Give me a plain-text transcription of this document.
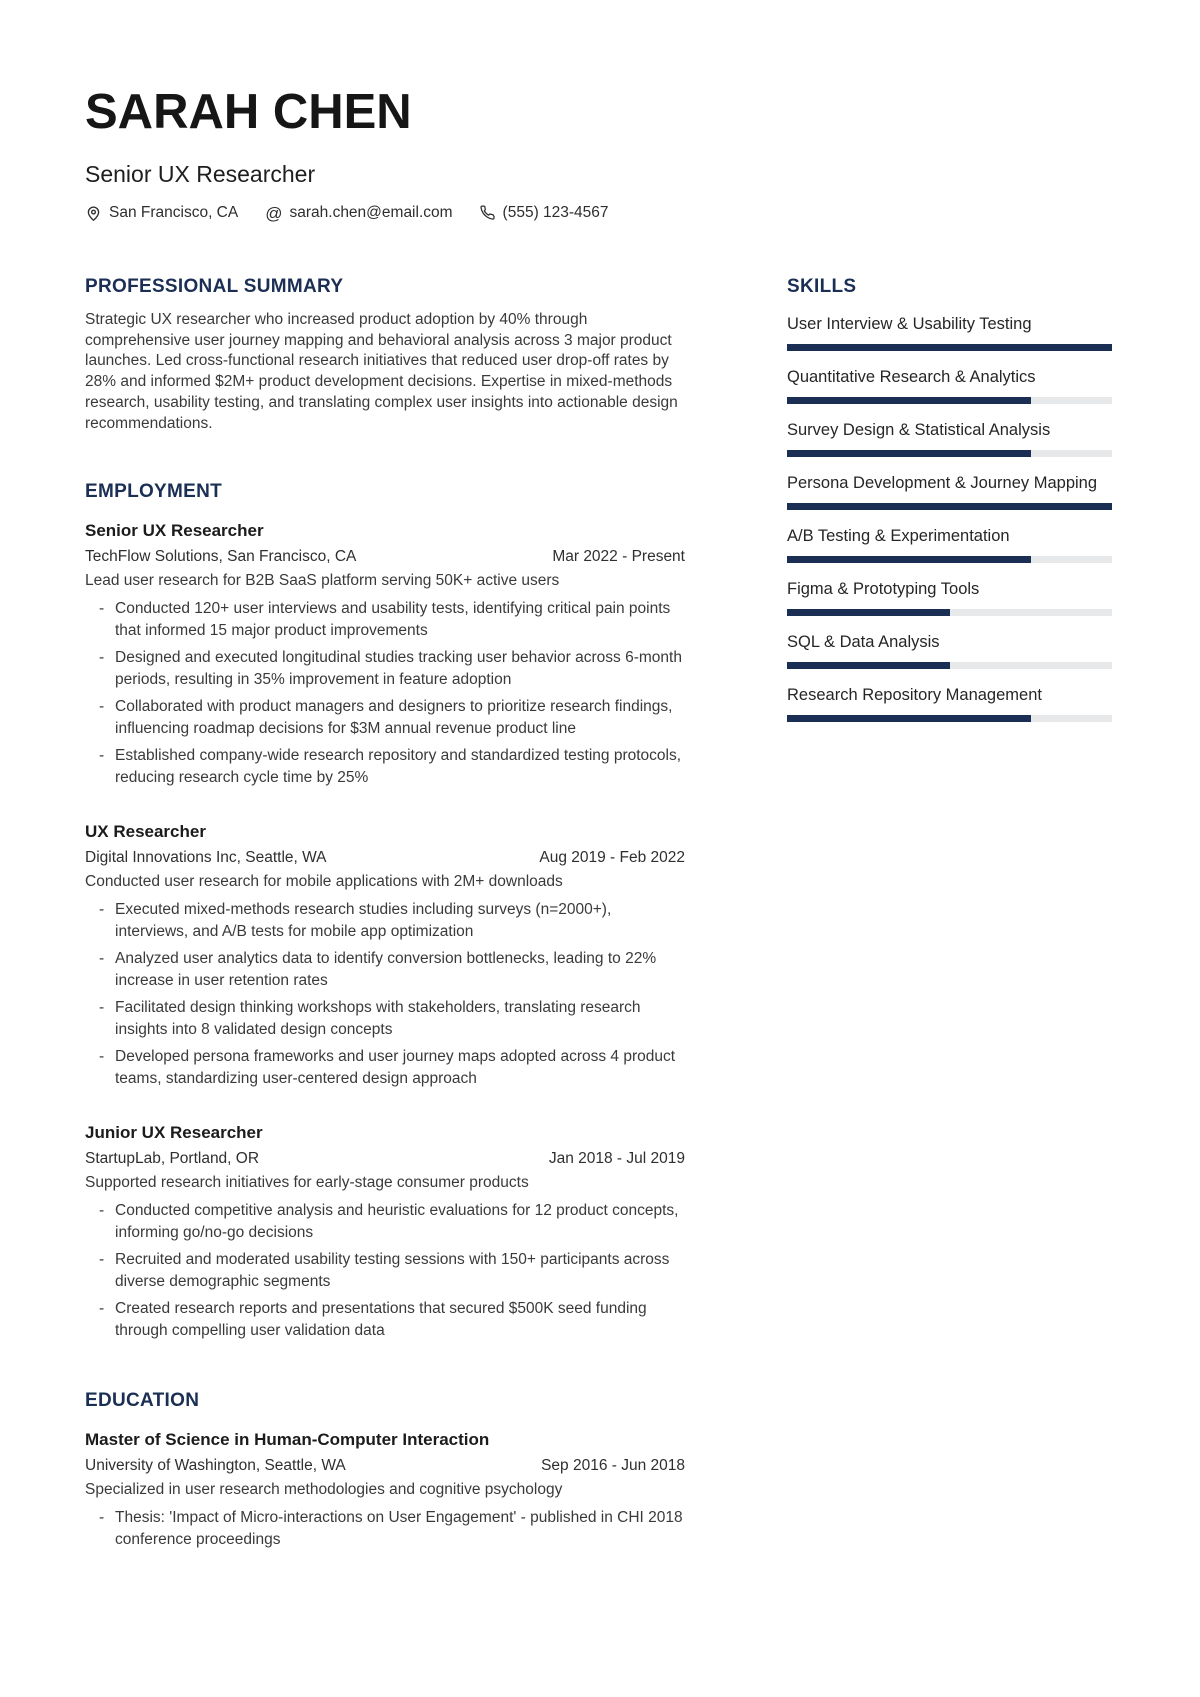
SARAH CHEN
Senior UX Researcher
San Francisco, CA @ sarah.chen@email.com	(555) 123-4567
PROFESSIONAL SUMMARY
Strategic UX researcher who increased product adoption by 40% through comprehensive user journey mapping and behavioral analysis across 3 major product launches. Led cross-functional research initiatives that reduced user drop-off rates by 28% and informed $2M+ product development decisions. Expertise in mixed-methods research, usability testing, and translating complex user insights into actionable design recommendations.
EMPLOYMENT
Senior UX Researcher
TechFlow Solutions, San Francisco, CA	Mar 2022 - Present
Lead user research for B2B SaaS platform serving 50K+ active users
- Conducted 120+ user interviews and usability tests, identifying critical pain points that informed 15 major product improvements
- Designed and executed longitudinal studies tracking user behavior across 6-month periods, resulting in 35% improvement in feature adoption
- Collaborated with product managers and designers to prioritize research findings, influencing roadmap decisions for $3M annual revenue product line
- Established company-wide research repository and standardized testing protocols, reducing research cycle time by 25%
UX Researcher
Digital Innovations Inc, Seattle, WA	Aug 2019 - Feb 2022
Conducted user research for mobile applications with 2M+ downloads
- Executed mixed-methods research studies including surveys (n=2000+), interviews, and A/B tests for mobile app optimization
- Analyzed user analytics data to identify conversion bottlenecks, leading to 22% increase in user retention rates
- Facilitated design thinking workshops with stakeholders, translating research insights into 8 validated design concepts
- Developed persona frameworks and user journey maps adopted across 4 product teams, standardizing user-centered design approach
Junior UX Researcher
StartupLab, Portland, OR	Jan 2018 - Jul 2019
Supported research initiatives for early-stage consumer products
- Conducted competitive analysis and heuristic evaluations for 12 product concepts, informing go/no-go decisions
- Recruited and moderated usability testing sessions with 150+ participants across diverse demographic segments
- Created research reports and presentations that secured $500K seed funding through compelling user validation data
EDUCATION
Master of Science in Human-Computer Interaction
University of Washington, Seattle, WA	Sep 2016 - Jun 2018
Specialized in user research methodologies and cognitive psychology
- Thesis: 'Impact of Micro-interactions on User Engagement' - published in CHI 2018 conference proceedings
SKILLS
User Interview & Usability Testing
Quantitative Research & Analytics
Survey Design & Statistical Analysis
Persona Development & Journey Mapping
A/B Testing & Experimentation
Figma & Prototyping Tools
SQL & Data Analysis
Research Repository Management
